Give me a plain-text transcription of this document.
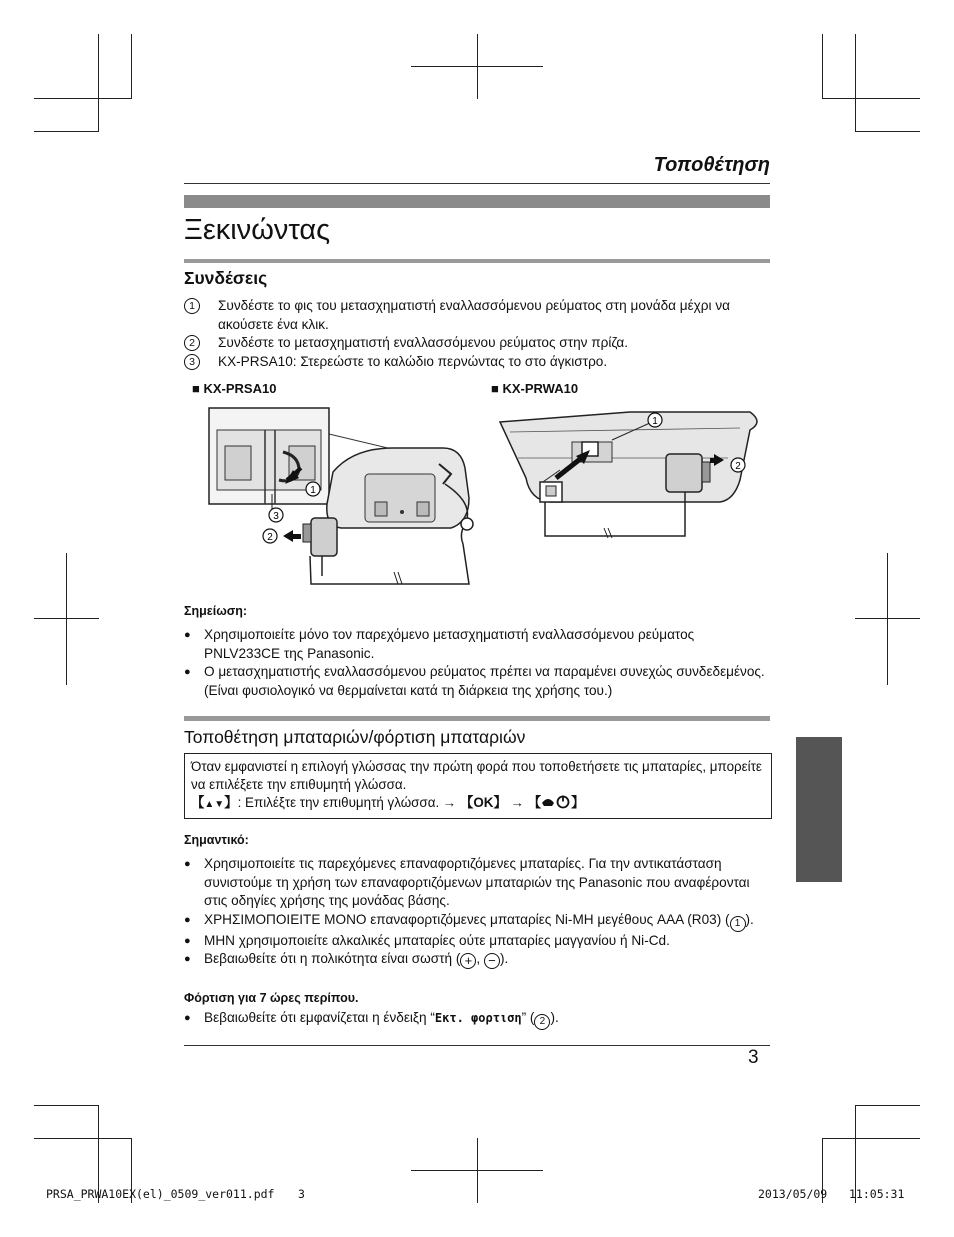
Τοποθέτηση
Ξεκινώντας
Συνδέσεις
1	Συνδέστε το φις του μετασχηματιστή εναλλασσόμενου ρεύματος στη μονάδα μέχρι να ακούσετε ένα κλικ.
2	Συνδέστε το μετασχηματιστή εναλλασσόμενου ρεύματος στην πρίζα.
3	KX-PRSA10: Στερεώστε το καλώδιο περνώντας το στο άγκιστρο.
■ KX-PRSA10	■ KX-PRWA10
1
3
2
1
2
Σημείωση:
● Χρησιμοποιείτε μόνο τον παρεχόμενο μετασχηματιστή εναλλασσόμενου ρεύματος PNLV233CE της Panasonic.
● Ο μετασχηματιστής εναλλασσόμενου ρεύματος πρέπει να παραμένει συνεχώς συνδεδεμένος. (Είναι φυσιολογικό να θερμαίνεται κατά τη διάρκεια της χρήσης του.)
Τοποθέτηση μπαταριών/φόρτιση μπαταριών
Όταν εμφανιστεί η επιλογή γλώσσας την πρώτη φορά που τοποθετήσετε τις μπαταρίες, μπορείτε να επιλέξετε την επιθυμητή γλώσσα.
【▲▼】: Επιλέξτε την επιθυμητή γλώσσα. → 【OK】 → 【 】
Σημαντικό:
● Χρησιμοποιείτε τις παρεχόμενες επαναφορτιζόμενες μπαταρίες. Για την αντικατάσταση συνιστούμε τη χρήση των επαναφορτιζόμενων μπαταριών της Panasonic που αναφέρονται στις οδηγίες χρήσης της μονάδας βάσης.
● ΧΡΗΣΙΜΟΠΟΙΕΙΤΕ ΜΟΝΟ επαναφορτιζόμενες μπαταρίες Ni-MH μεγέθους AAA (R03) ( 1 ).
● ΜΗΝ χρησιμοποιείτε αλκαλικές μπαταρίες ούτε μπαταρίες μαγγανίου ή Ni-Cd.
● Βεβαιωθείτε ότι η πολικότητα είναι σωστή ( + , − ).
Φόρτιση για 7 ώρες περίπου.
● Βεβαιωθείτε ότι εμφανίζεται η ένδειξη “Εκτ. φορτιση” ( 2 ).
3
PRSA_PRWA10EX(el)_0509_ver011.pdf 3	2013/05/09 11:05:31
